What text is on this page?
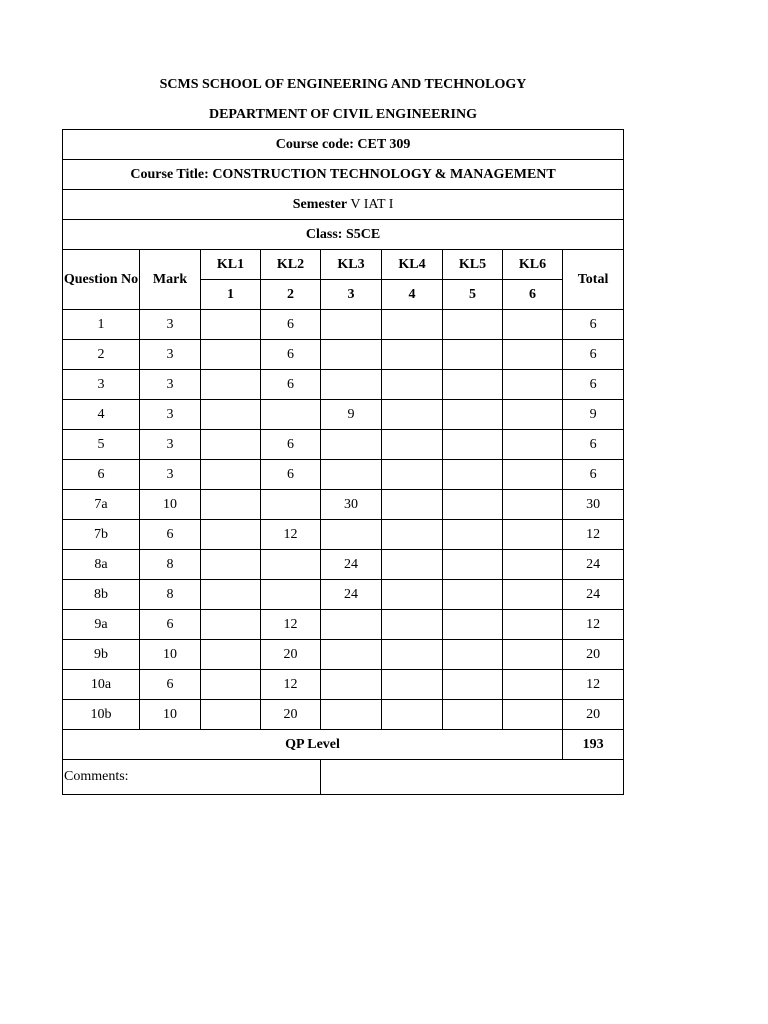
SCMS SCHOOL OF ENGINEERING AND TECHNOLOGY
DEPARTMENT OF CIVIL ENGINEERING
Course code: CET 309								
Course Title: CONSTRUCTION TECHNOLOGY & MANAGEMENT								
Semester V IAT I								
Class: S5CE								
Question No	Mark	KL1	KL2	KL3	KL4	KL5	KL6	Total
		1	2	3	4	5	6	
1	3		6					6
2	3		6					6
3	3		6					6
4	3			9				9
5	3		6					6
6	3		6					6
7a	10			30				30
7b	6		12					12
8a	8			24				24
8b	8			24				24
9a	6		12					12
9b	10		20					20
10a	6		12					12
10b	10		20					20
QP Level								193
Comments:								
